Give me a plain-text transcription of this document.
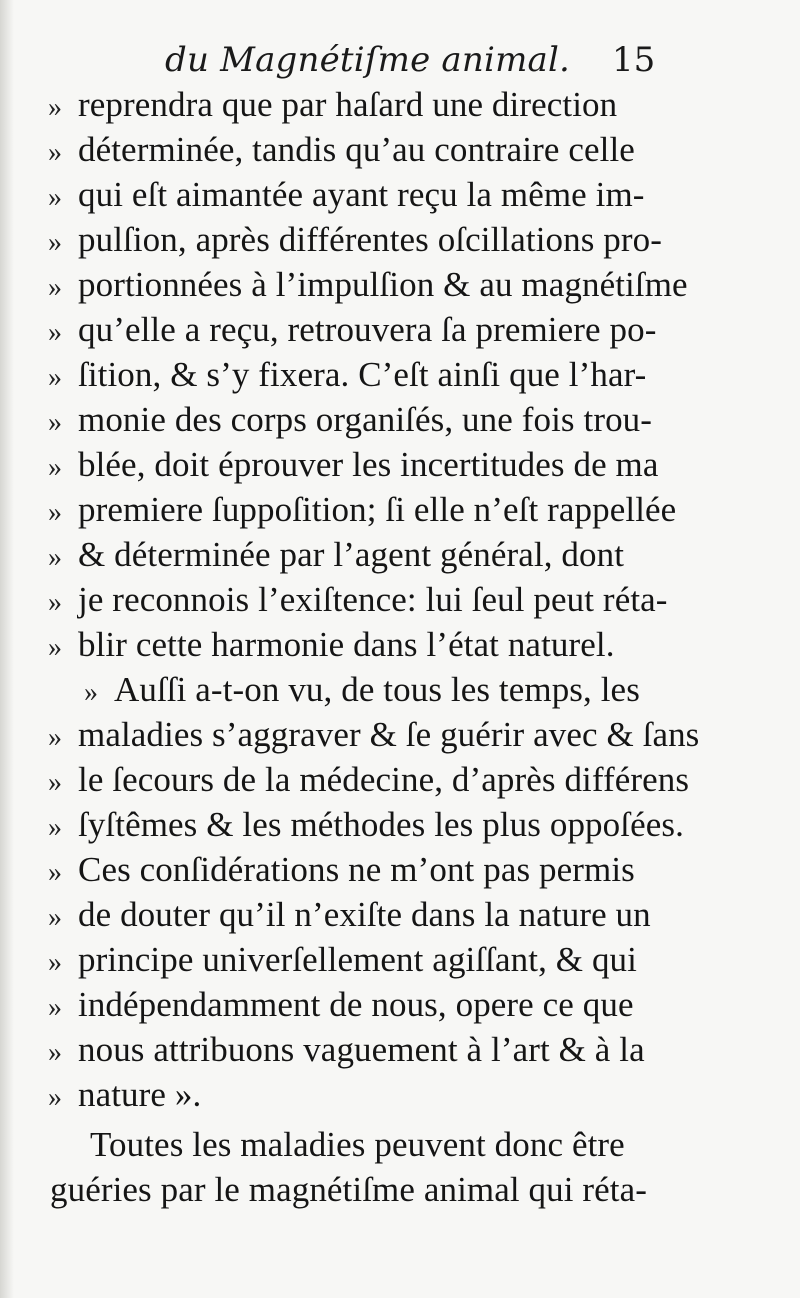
du Magnétiſme animal. 15
» reprendra que par haſard une direction
» déterminée, tandis qu’au contraire celle
» qui eſt aimantée ayant reçu la même im-
» pulſion, après différentes oſcillations pro-
» portionnées à l’impulſion & au magnétiſme
» qu’elle a reçu, retrouvera ſa premiere po-
» ſition, & s’y fixera. C’eſt ainſi que l’har-
» monie des corps organiſés, une fois trou-
» blée, doit éprouver les incertitudes de ma
» premiere ſuppoſition; ſi elle n’eſt rappellée
» & déterminée par l’agent général, dont
» je reconnois l’exiſtence: lui ſeul peut réta-
» blir cette harmonie dans l’état naturel.
» Auſſi a-t-on vu, de tous les temps, les
» maladies s’aggraver & ſe guérir avec & ſans
» le ſecours de la médecine, d’après différens
» ſyſtêmes & les méthodes les plus oppoſées.
» Ces conſidérations ne m’ont pas permis
» de douter qu’il n’exiſte dans la nature un
» principe univerſellement agiſſant, & qui
» indépendamment de nous, opere ce que
» nous attribuons vaguement à l’art & à la
» nature ».
Toutes les maladies peuvent donc être
guéries par le magnétiſme animal qui réta-
